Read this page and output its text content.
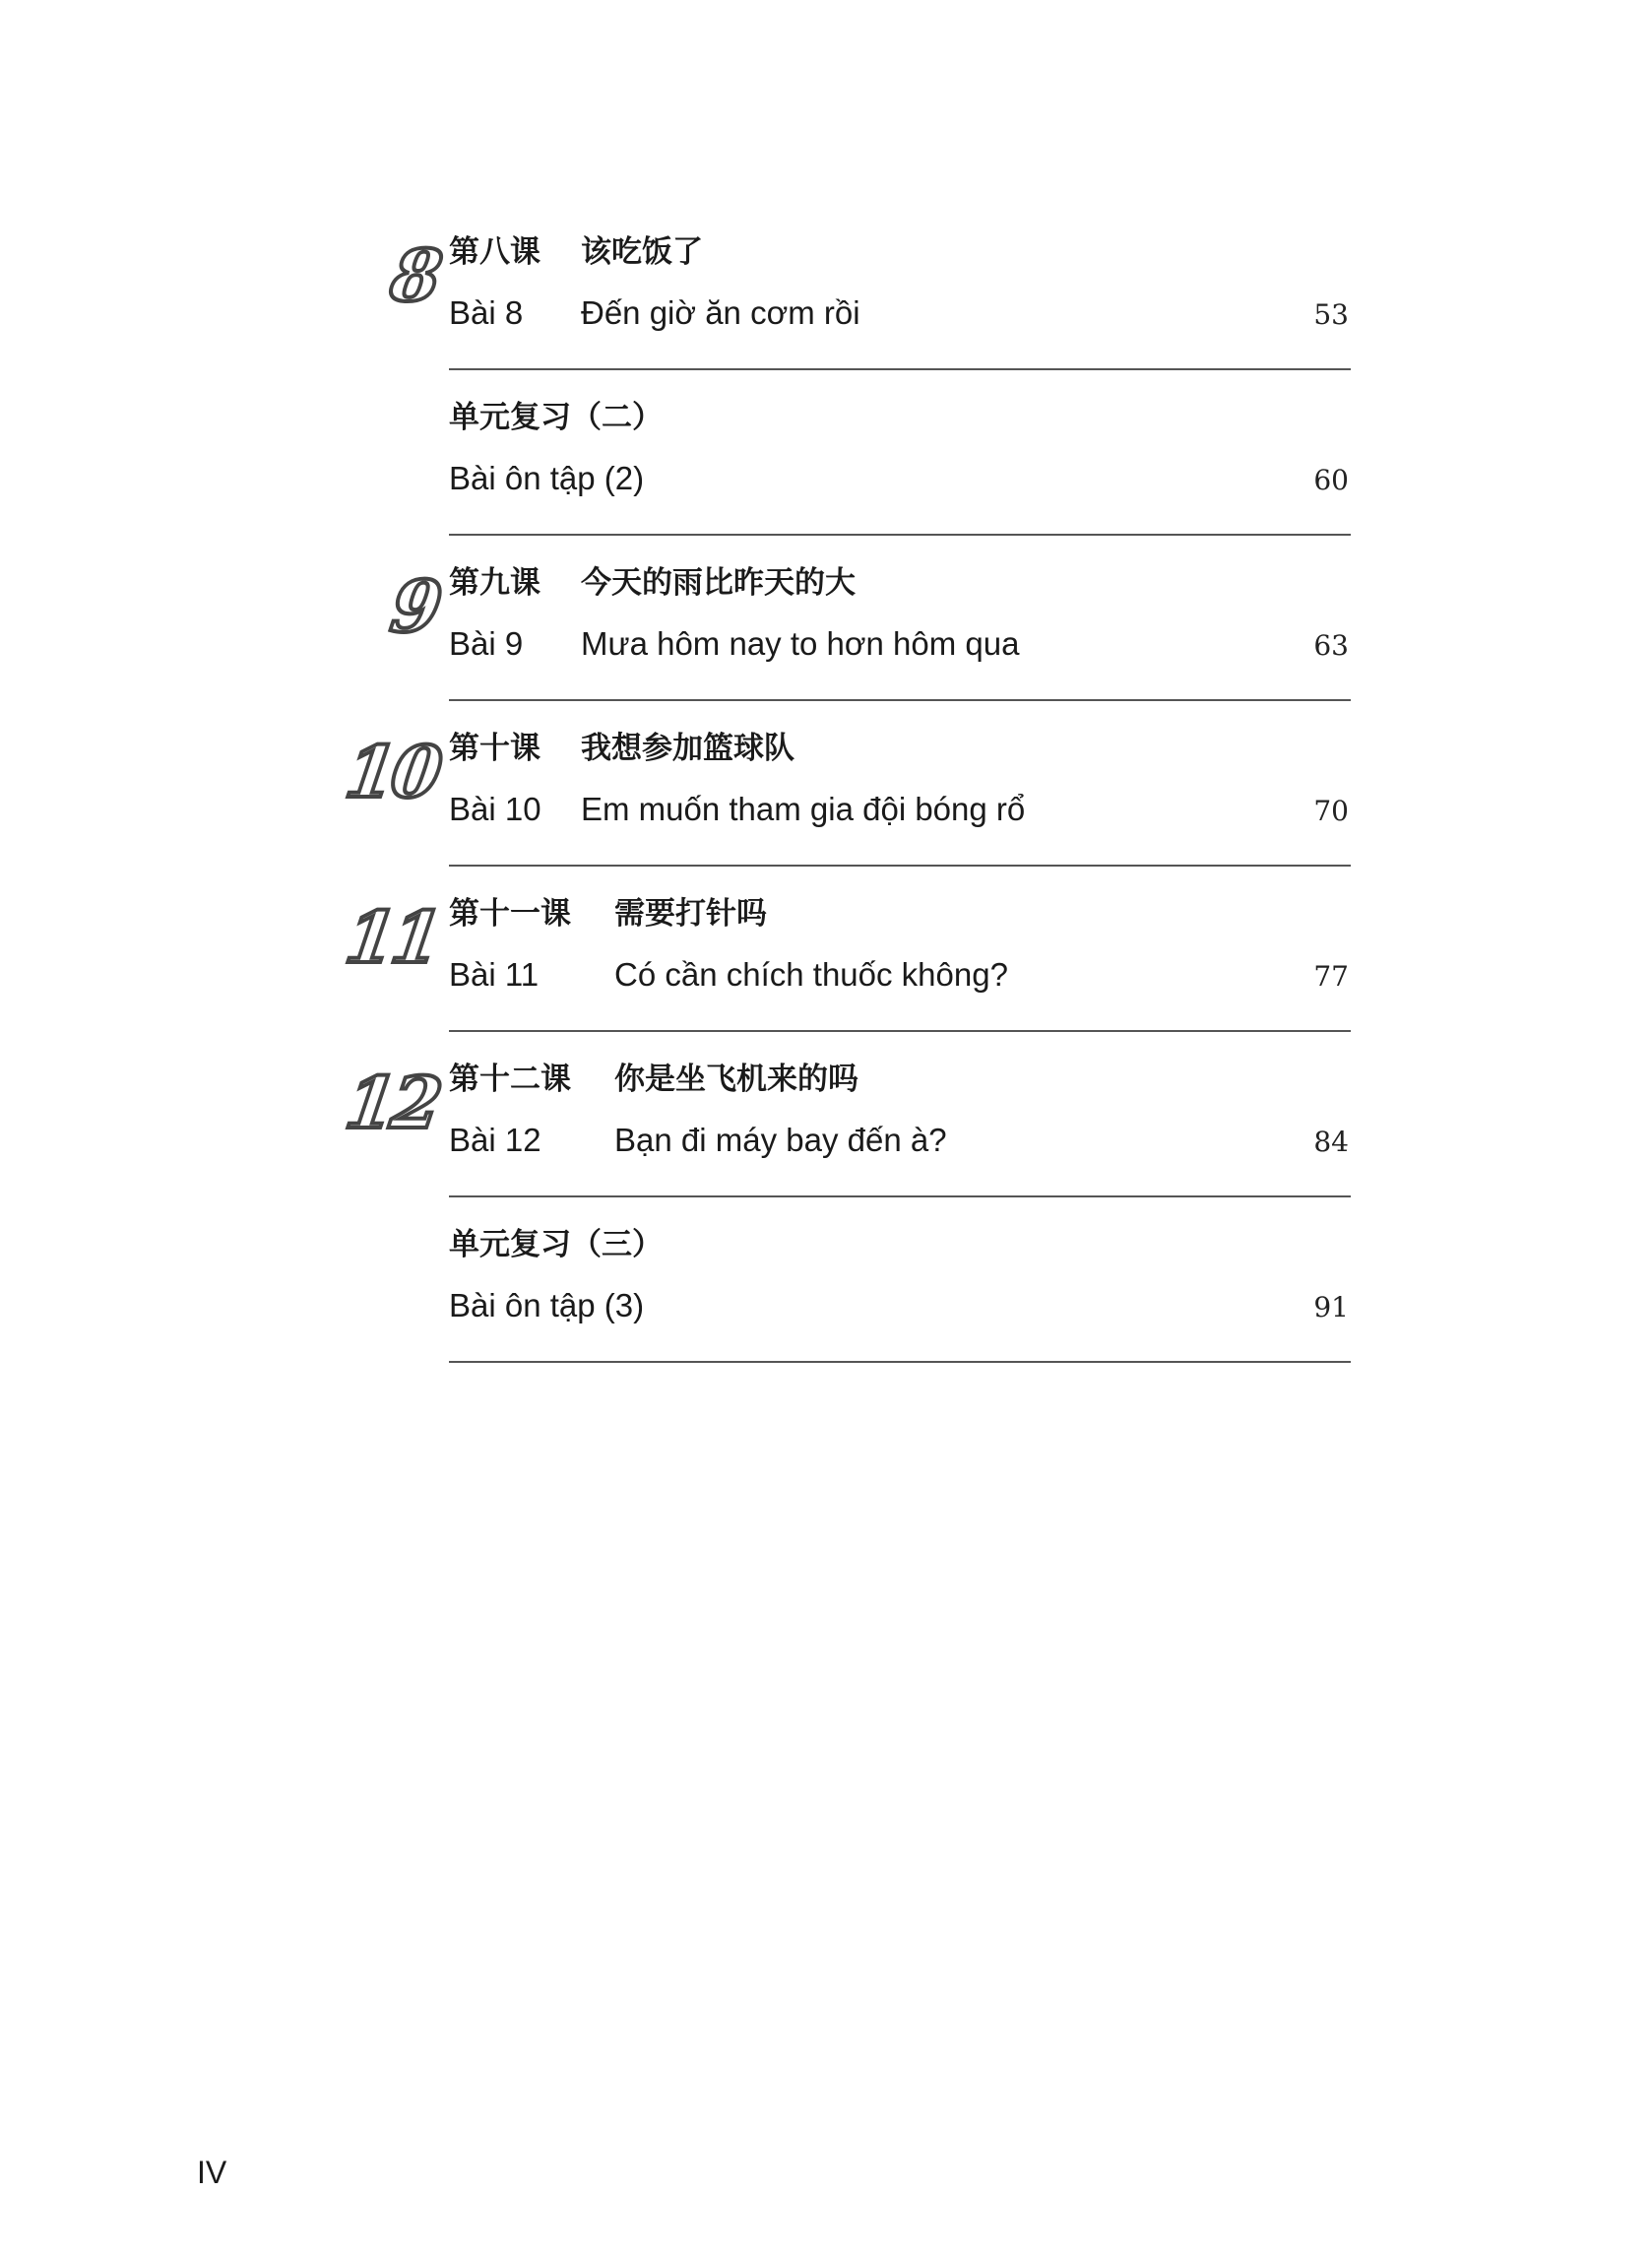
8 第八课 该吃饭了
Bài 8 Đến giờ ăn cơm rồi	53
单元复习（二）
Bài ôn tập (2)	60
9 第九课 今天的雨比昨天的大
Bài 9 Mưa hôm nay to hơn hôm qua	63
10 第十课 我想参加篮球队
Bài 10 Em muốn tham gia đội bóng rổ	70
11 第十一课 需要打针吗
Bài 11 Có cần chích thuốc không?	77
12 第十二课 你是坐飞机来的吗
Bài 12 Bạn đi máy bay đến à?	84
单元复习（三）
Bài ôn tập (3)	91
IV
